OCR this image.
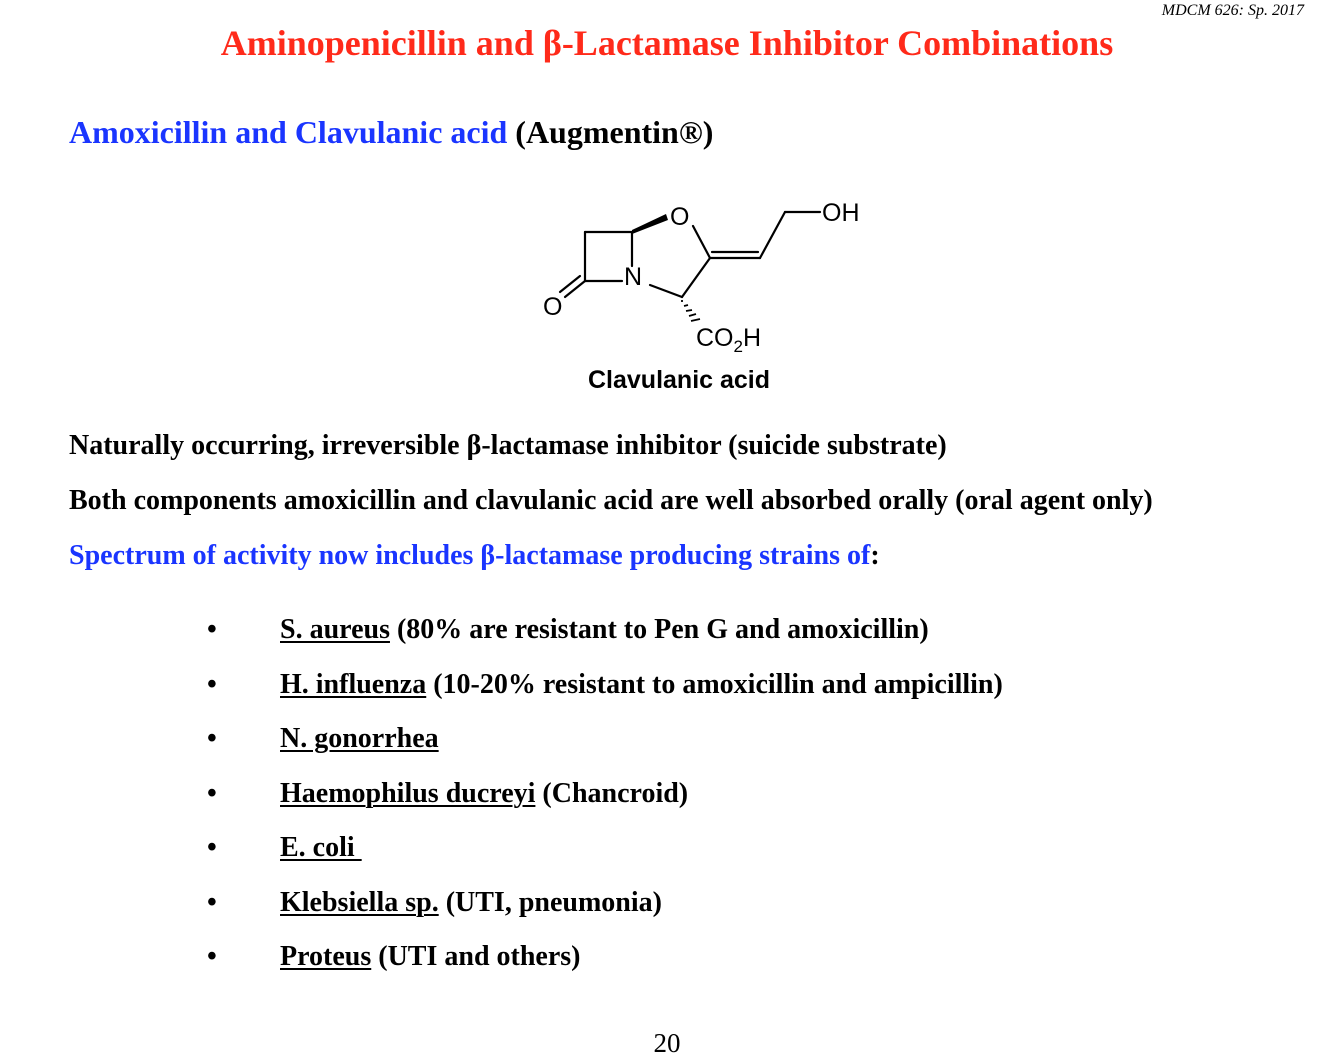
MDCM 626: Sp. 2017
Aminopenicillin and β-Lactamase Inhibitor Combinations
Amoxicillin and Clavulanic acid (Augmentin®)
O
N
O
OH
$CO_2H$

Clavulanic acid

Naturally occurring, irreversible β-lactamase inhibitor (suicide substrate)

Both components amoxicillin and clavulanic acid are well absorbed orally (oral agent only)

Spectrum of activity now includes β-lactamase producing strains of:

• S. aureus (80% are resistant to Pen G and amoxicillin)
• H. influenza (10-20% resistant to amoxicillin and ampicillin)
• N. gonorrhea
• Haemophilus ducreyi (Chancroid)
• E. coli
• Klebsiella sp. (UTI, pneumonia)
• Proteus (UTI and others)
20
